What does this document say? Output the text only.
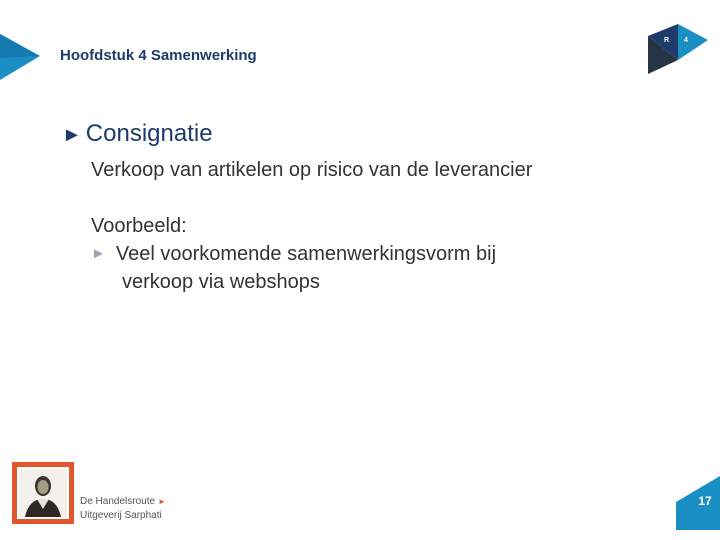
Hoofdstuk 4 Samenwerking
R 4
► Consignatie
Verkoop van artikelen op risico van de leverancier
Voorbeeld:
► Veel voorkomende samenwerkingsvorm bij
verkoop via webshops
De Handelsroute ►
Uitgeverij Sarphati
17
